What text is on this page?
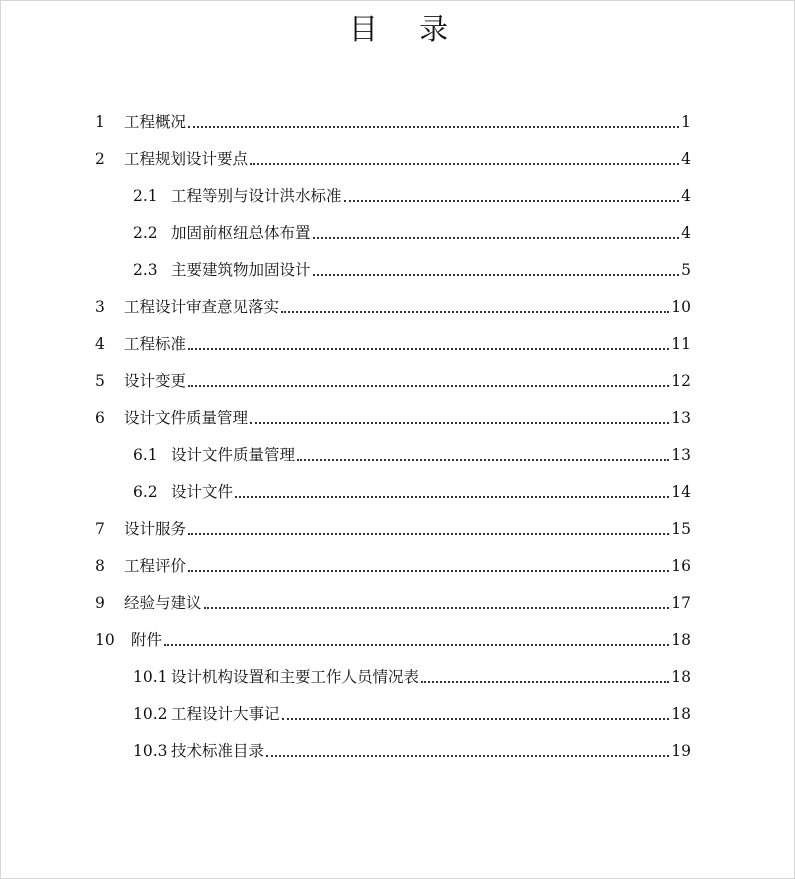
目 录
1	工程概况	1
2	工程规划设计要点	4
2.1 工程等别与设计洪水标准	4
2.2 加固前枢纽总体布置	4
2.3 主要建筑物加固设计	5
3	工程设计审查意见落实	10
4	工程标准	11
5	设计变更	12
6	设计文件质量管理	13
6.1 设计文件质量管理	13
6.2 设计文件	14
7	设计服务	15
8	工程评价	16
9	经验与建议	17
10	附件	18
10.1 设计机构设置和主要工作人员情况表	18
10.2 工程设计大事记	18
10.3 技术标准目录	19
